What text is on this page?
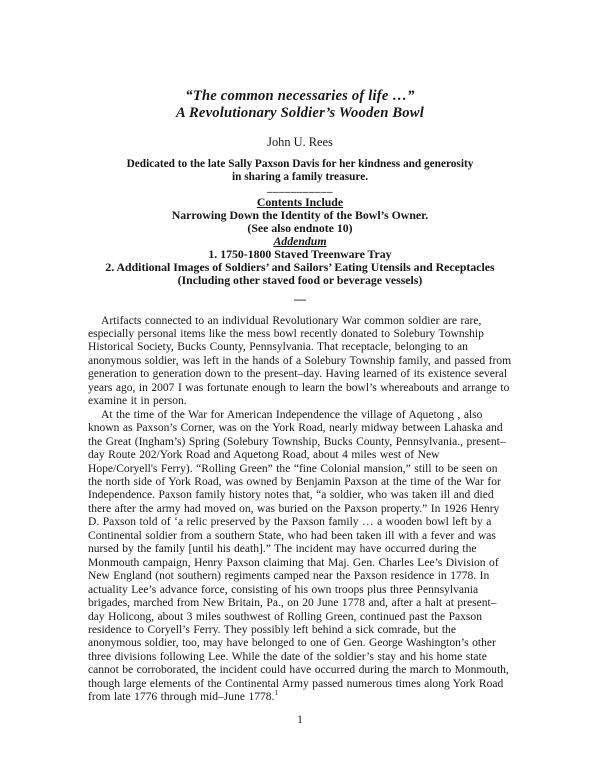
“The common necessaries of life …”
A Revolutionary Soldier’s Wooden Bowl
John U. Rees
Dedicated to the late Sally Paxson Davis for her kindness and generosity
in sharing a family treasure.
___________
Contents Include
Narrowing Down the Identity of the Bowl’s Owner.
(See also endnote 10)
Addendum
1. 1750-1800 Staved Treenware Tray
2. Additional Images of Soldiers’ and Sailors’ Eating Utensils and Receptacles
(Including other staved food or beverage vessels)
—

Artifacts connected to an individual Revolutionary War common soldier are rare, especially personal items like the mess bowl recently donated to Solebury Township Historical Society, Bucks County, Pennsylvania. That receptacle, belonging to an anonymous soldier, was left in the hands of a Solebury Township family, and passed from generation to generation down to the present–day. Having learned of its existence several years ago, in 2007 I was fortunate enough to learn the bowl’s whereabouts and arrange to examine it in person.

At the time of the War for American Independence the village of Aquetong , also known as Paxson’s Corner, was on the York Road, nearly midway between Lahaska and the Great (Ingham’s) Spring (Solebury Township, Bucks County, Pennsylvania., present–day Route 202/York Road and Aquetong Road, about 4 miles west of New Hope/Coryell's Ferry). “Rolling Green” the “fine Colonial mansion,” still to be seen on the north side of York Road, was owned by Benjamin Paxson at the time of the War for Independence. Paxson family history notes that, “a soldier, who was taken ill and died there after the army had moved on, was buried on the Paxson property.” In 1926 Henry D. Paxson told of ‘a relic preserved by the Paxson family … a wooden bowl left by a Continental soldier from a southern State, who had been taken ill with a fever and was nursed by the family [until his death].” The incident may have occurred during the Monmouth campaign, Henry Paxson claiming that Maj. Gen. Charles Lee’s Division of New England (not southern) regiments camped near the Paxson residence in 1778. In actuality Lee’s advance force, consisting of his own troops plus three Pennsylvania brigades, marched from New Britain, Pa., on 20 June 1778 and, after a halt at present–day Holicong, about 3 miles southwest of Rolling Green, continued past the Paxson residence to Coryell’s Ferry. They possibly left behind a sick comrade, but the anonymous soldier, too, may have belonged to one of Gen. George Washington’s other three divisions following Lee. While the date of the soldier’s stay and his home state cannot be corroborated, the incident could have occurred during the march to Monmouth, though large elements of the Continental Army passed numerous times along York Road from late 1776 through mid–June 1778.$^1$

1
